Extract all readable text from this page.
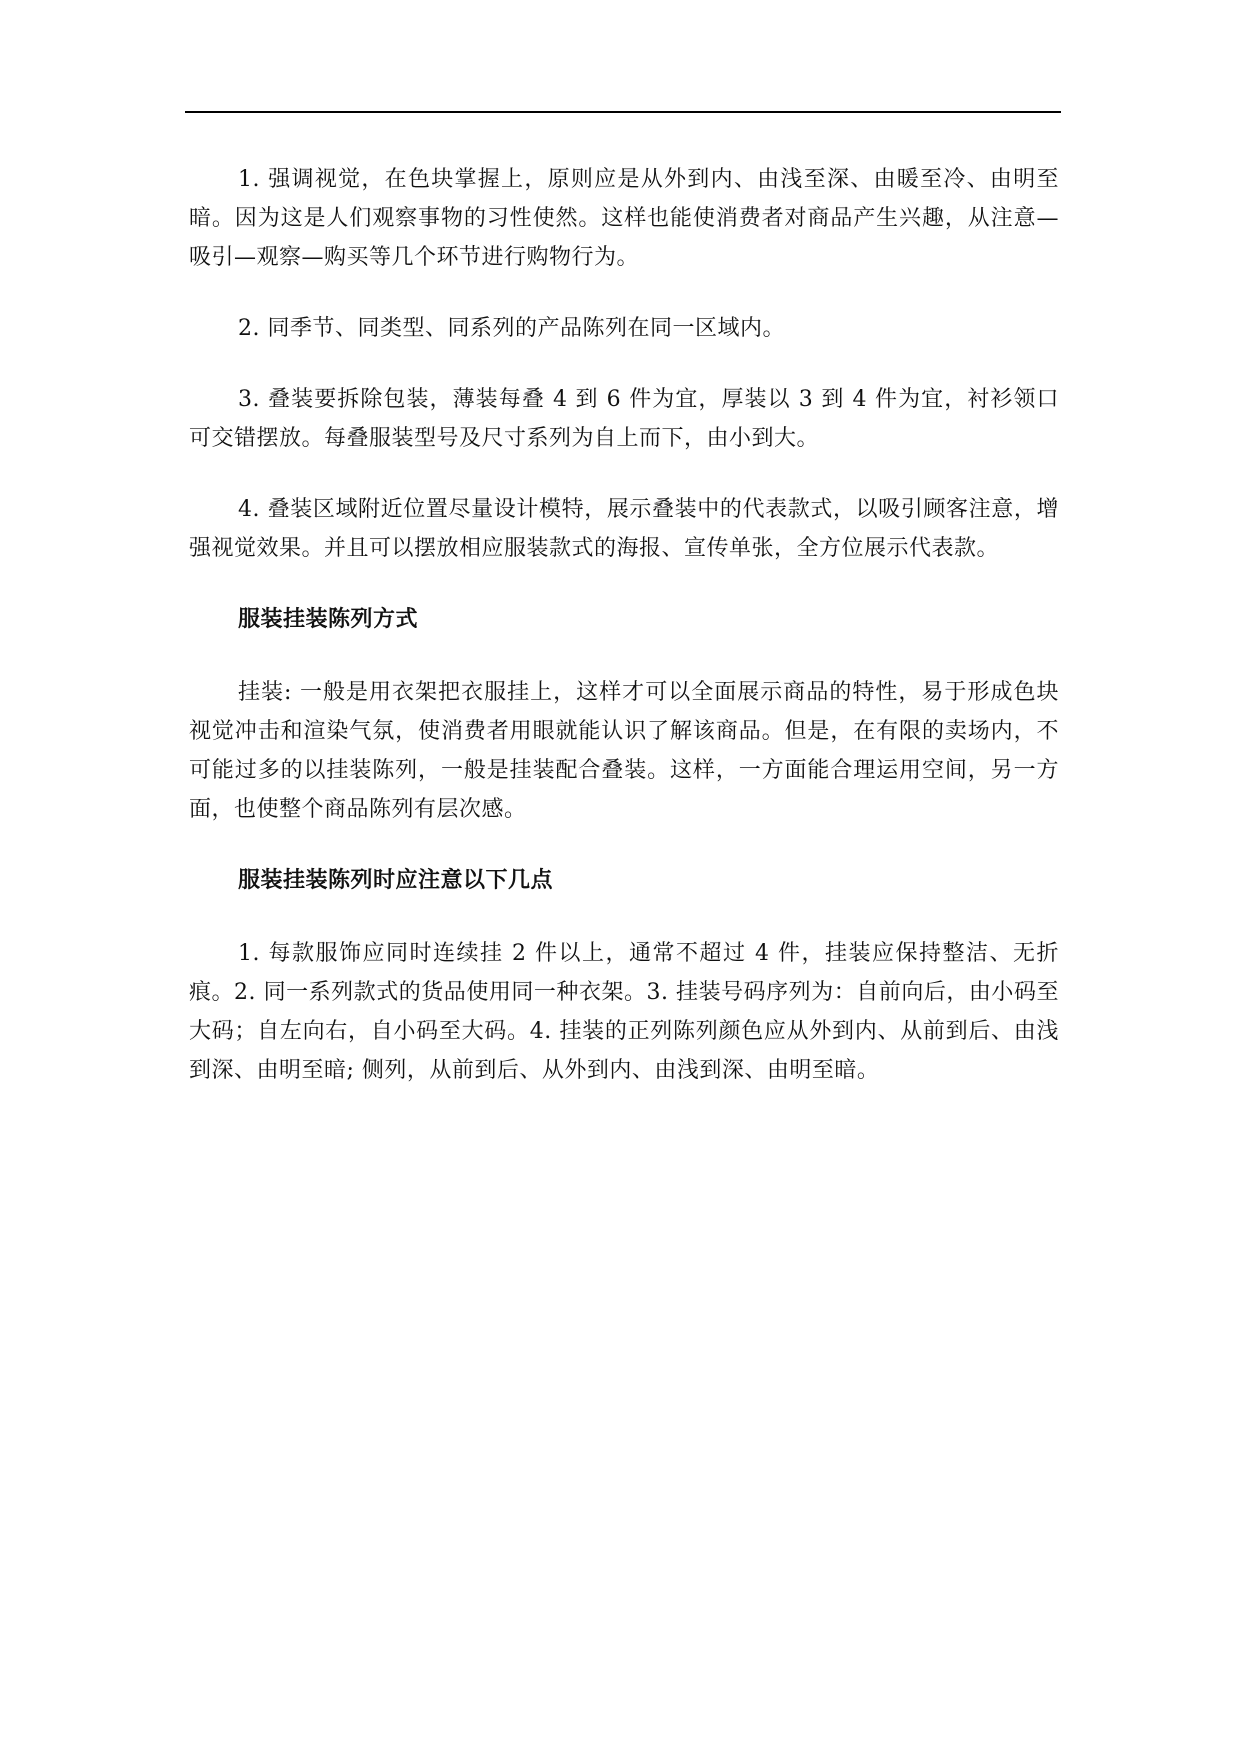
1. 强调视觉，在色块掌握上，原则应是从外到内、由浅至深、由暖至冷、由明至暗。因为这是人们观察事物的习性使然。这样也能使消费者对商品产生兴趣，从注意—吸引—观察—购买等几个环节进行购物行为。

2. 同季节、同类型、同系列的产品陈列在同一区域内。

3. 叠装要拆除包装，薄装每叠 4 到 6 件为宜，厚装以 3 到 4 件为宜，衬衫领口可交错摆放。每叠服装型号及尺寸系列为自上而下，由小到大。

4. 叠装区域附近位置尽量设计模特，展示叠装中的代表款式，以吸引顾客注意，增强视觉效果。并且可以摆放相应服装款式的海报、宣传单张，全方位展示代表款。

服装挂装陈列方式

挂装: 一般是用衣架把衣服挂上，这样才可以全面展示商品的特性，易于形成色块视觉冲击和渲染气氛，使消费者用眼就能认识了解该商品。但是，在有限的卖场内，不可能过多的以挂装陈列，一般是挂装配合叠装。这样，一方面能合理运用空间，另一方面，也使整个商品陈列有层次感。

服装挂装陈列时应注意以下几点

1. 每款服饰应同时连续挂 2 件以上，通常不超过 4 件，挂装应保持整洁、无折痕。2. 同一系列款式的货品使用同一种衣架。3. 挂装号码序列为：自前向后，由小码至大码；自左向右，自小码至大码。4. 挂装的正列陈列颜色应从外到内、从前到后、由浅到深、由明至暗; 侧列，从前到后、从外到内、由浅到深、由明至暗。
